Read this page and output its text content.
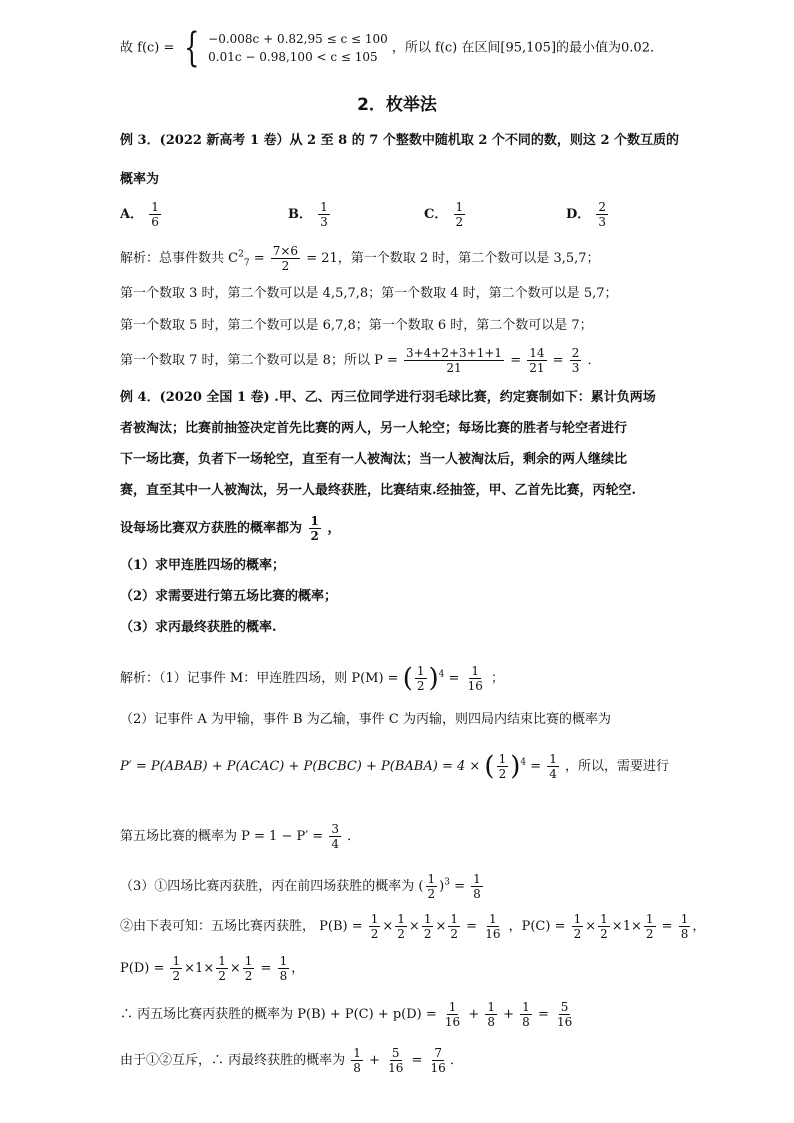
故 f(c) = { −0.008c + 0.82,95 ≤ c ≤ 100
0.01c − 0.98,100 < c ≤ 105 ，所以 f(c) 在区间[95,105]的最小值为0.02．
2．枚举法
例 3．(2022 新高考 1 卷）从 2 至 8 的 7 个整数中随机取 2 个不同的数，则这 2 个数互质的
概率为
A． $\frac{1}{6}$	B． $\frac{1}{3}$	C． $\frac{1}{2}$	D． $\frac{2}{3}$
解析：总事件数共 $C^2_7 = \frac{7\times 6}{2} = 21$，第一个数取 2 时，第二个数可以是 3,5,7；
第一个数取 3 时，第二个数可以是 4,5,7,8；第一个数取 4 时，第二个数可以是 5,7；
第一个数取 5 时，第二个数可以是 6,7,8；第一个数取 6 时，第二个数可以是 7；
第一个数取 7 时，第二个数可以是 8；所以 $P = \frac{3+4+2+3+1+1}{21} = \frac{14}{21} = \frac{2}{3}$ ．
例 4．(2020 全国 1 卷) .甲、乙、丙三位同学进行羽毛球比赛，约定赛制如下：累计负两场
者被淘汰；比赛前抽签决定首先比赛的两人，另一人轮空；每场比赛的胜者与轮空者进行
下一场比赛，负者下一场轮空，直至有一人被淘汰；当一人被淘汰后，剩余的两人继续比
赛，直至其中一人被淘汰，另一人最终获胜，比赛结束.经抽签，甲、乙首先比赛，丙轮空.
设每场比赛双方获胜的概率都为 $\frac{1}{2}$ ，
（1）求甲连胜四场的概率；
（2）求需要进行第五场比赛的概率；
（3）求丙最终获胜的概率.
解析：（1）记事件 M：甲连胜四场，则 P(M) = ( $\frac{1}{2} )^4 = \frac{1}{16}$ ；
（2）记事件 A 为甲输，事件 B 为乙输，事件 C 为丙输，则四局内结束比赛的概率为
P′ = P(ABAB) + P(ACAC) + P(BCBC) + P(BABA) = 4 × ( $\frac{1}{2} )^4 = \frac{1}{4}$ ，所以，需要进行
第五场比赛的概率为 $P = 1 - P' = \frac{3}{4}$ ．
（3）①四场比赛丙获胜，丙在前四场获胜的概率为 ( $\frac{1}{2} )^3 = \frac{1}{8}$
②由下表可知：五场比赛丙获胜， $P(B) = \frac{1}{2} \times \frac{1}{2} \times \frac{1}{2} \times \frac{1}{2} = \frac{1}{16}$ ，$P(C) = \frac{1}{2} \times \frac{1}{2} \times 1\times \frac{1}{2} = \frac{1}{8}$ ，
$P(D) = \frac{1}{2} \times 1\times \frac{1}{2} \times \frac{1}{2} = \frac{1}{8}$ ，
∴ 丙五场比赛丙获胜的概率为 $P(B) + P(C) + p(D) = \frac{1}{16} + \frac{1}{8} + \frac{1}{8} = \frac{5}{16}$
由于①②互斥，∴ 丙最终获胜的概率为 $\frac{1}{8} + \frac{5}{16} = \frac{7}{16}$ ．
